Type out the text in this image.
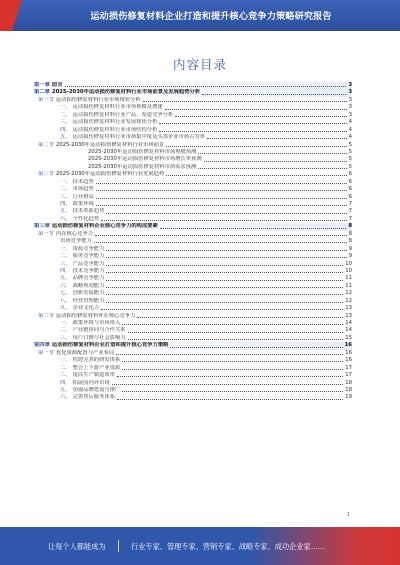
运动损伤修复材料企业打造和提升核心竞争力策略研究报告
内容目录
第一章 前言	3
第二章 2025-2030年运动损伤修复材料行业市场前景及发展趋势分析	3
第一节 运动损伤修复材料行业市场现状分析	3
一、 运动损伤修复材料行业市场规模及增速	3
二、 运动损伤修复材料行业产品、渠道竞争分析	3
三、 运动损伤修复材料行业发展现状分析	4
四、 运动损伤修复材料行业市场结构分析	4
五、 运动损伤修复材料行业市场集中度及头部企业市场占有率	4
第二节 2025-2030年运动损伤修复材料行业市场前景	5
2025-2030年运动损伤修复材料市场规模预测	5
2025-2030年运动损伤修复材料市场增长率预测	5
2025-2030年运动损伤修复材料市场需求预测	5
第三节 2025-2030年运动损伤修复材料行业发展趋势	6
一、 技术趋势	6
二、 市场趋势	6
三、 行业格局	6
四、 政策环境	7
五、 技术革新趋势	7
六、 个性化趋势	7
第三章 运动损伤修复材料企业核心竞争力的构成要素	8
第一节 内在核心竞争力	8
市场竞争能力	8
一、 资源竞争能力	9
二、 服务竞争能力	9
三、 产品竞争能力	10
四、 技术竞争能力	10
五、 品牌竞争能力	11
六、 战略规划能力	11
七、 创新发展能力	12
八、 经营管理能力	12
九、 企业文化力	13
第二节 运动损伤修复材料外在核心竞争力	13
一、 政策环境与市场准入	14
二、 产业链协同与合作关系	14
三、 用户口碑与社会影响力	15
第四章 运动损伤修复材料企业打造和提升核心竞争力策略	16
第一节 优化资源配置与产业布局	16
一、 构建完善的研发体系	16
二、 整合上下游产业资源	17
三、 提高生产制造效率	17
四、 拓展国内外市场	18
五、 加强品牌建设与推广	18
六、 完善售后服务体系	19
1
让每个人都能成为	行业专家、管理专家、营销专家、战略专家、成功企业家……
